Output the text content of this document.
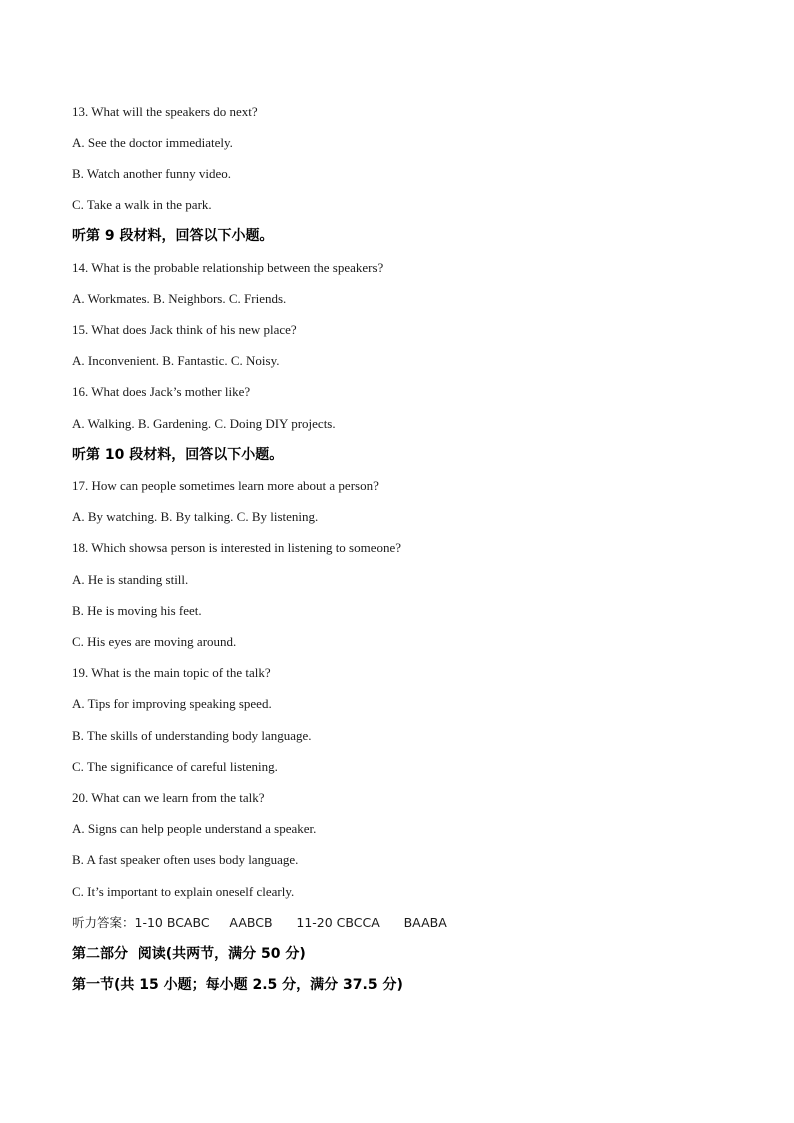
13. What will the speakers do next?
A. See the doctor immediately.
B. Watch another funny video.
C. Take a walk in the park.
听第 9 段材料，回答以下小题。
14. What is the probable relationship between the speakers?
A. Workmates. B. Neighbors. C. Friends.
15. What does Jack think of his new place?
A. Inconvenient. B. Fantastic. C. Noisy.
16. What does Jack’s mother like?
A. Walking. B. Gardening. C. Doing DIY projects.
听第 10 段材料，回答以下小题。
17. How can people sometimes learn more about a person?
A. By watching. B. By talking. C. By listening.
18. Which showsa person is interested in listening to someone?
A. He is standing still.
B. He is moving his feet.
C. His eyes are moving around.
19. What is the main topic of the talk?
A. Tips for improving speaking speed.
B. The skills of understanding body language.
C. The significance of careful listening.
20. What can we learn from the talk?
A. Signs can help people understand a speaker.
B. A fast speaker often uses body language.
C. It’s important to explain oneself clearly.
听力答案：1-10 BCABC     AABCB      11-20 CBCCA      BAABA
第二部分  阅读(共两节，满分 50 分)
第一节(共 15 小题；每小题 2.5 分，满分 37.5 分)
